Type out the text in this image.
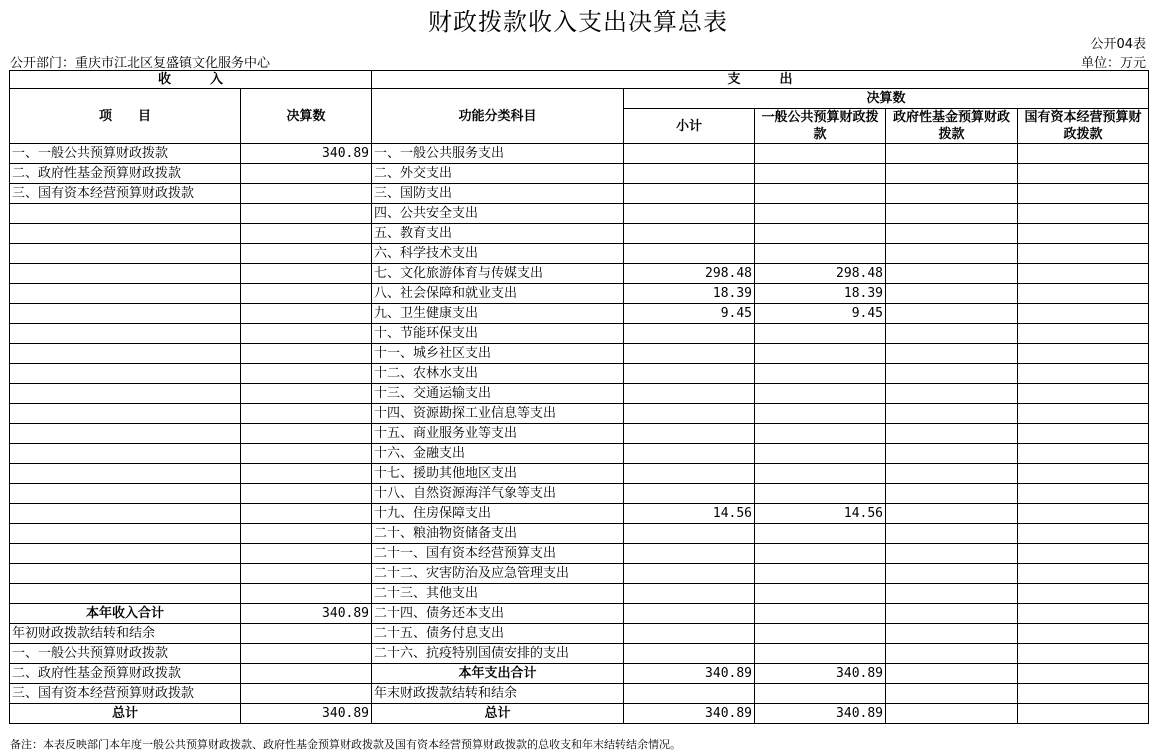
财政拨款收入支出决算总表
公开04表
公开部门：重庆市江北区复盛镇文化服务中心	单位：万元
收　　　入		支　　　出				
项　　目	决算数	功能分类科目	决算数			
			小计	一般公共预算财政拨款	政府性基金预算财政拨款	国有资本经营预算财政拨款

一、一般公共预算财政拨款	340.89	一、一般公共服务支出				
二、政府性基金预算财政拨款		二、外交支出				
三、国有资本经营预算财政拨款		三、国防支出				
		四、公共安全支出				
		五、教育支出				
		六、科学技术支出				
		七、文化旅游体育与传媒支出	298.48	298.48		
		八、社会保障和就业支出	18.39	18.39		
		九、卫生健康支出	9.45	9.45		
		十、节能环保支出				
		十一、城乡社区支出				
		十二、农林水支出				
		十三、交通运输支出				
		十四、资源勘探工业信息等支出				
		十五、商业服务业等支出				
		十六、金融支出				
		十七、援助其他地区支出				
		十八、自然资源海洋气象等支出				
		十九、住房保障支出	14.56	14.56		
		二十、粮油物资储备支出				
		二十一、国有资本经营预算支出				
		二十二、灾害防治及应急管理支出				
		二十三、其他支出				
本年收入合计	340.89	二十四、债务还本支出				
年初财政拨款结转和结余		二十五、债务付息支出				
一、一般公共预算财政拨款		二十六、抗疫特别国债安排的支出				
二、政府性基金预算财政拨款		本年支出合计	340.89	340.89		
三、国有资本经营预算财政拨款		年末财政拨款结转和结余				
总计	340.89	总计	340.89	340.89		
备注：本表反映部门本年度一般公共预算财政拨款、政府性基金预算财政拨款及国有资本经营预算财政拨款的总收支和年末结转结余情况。
